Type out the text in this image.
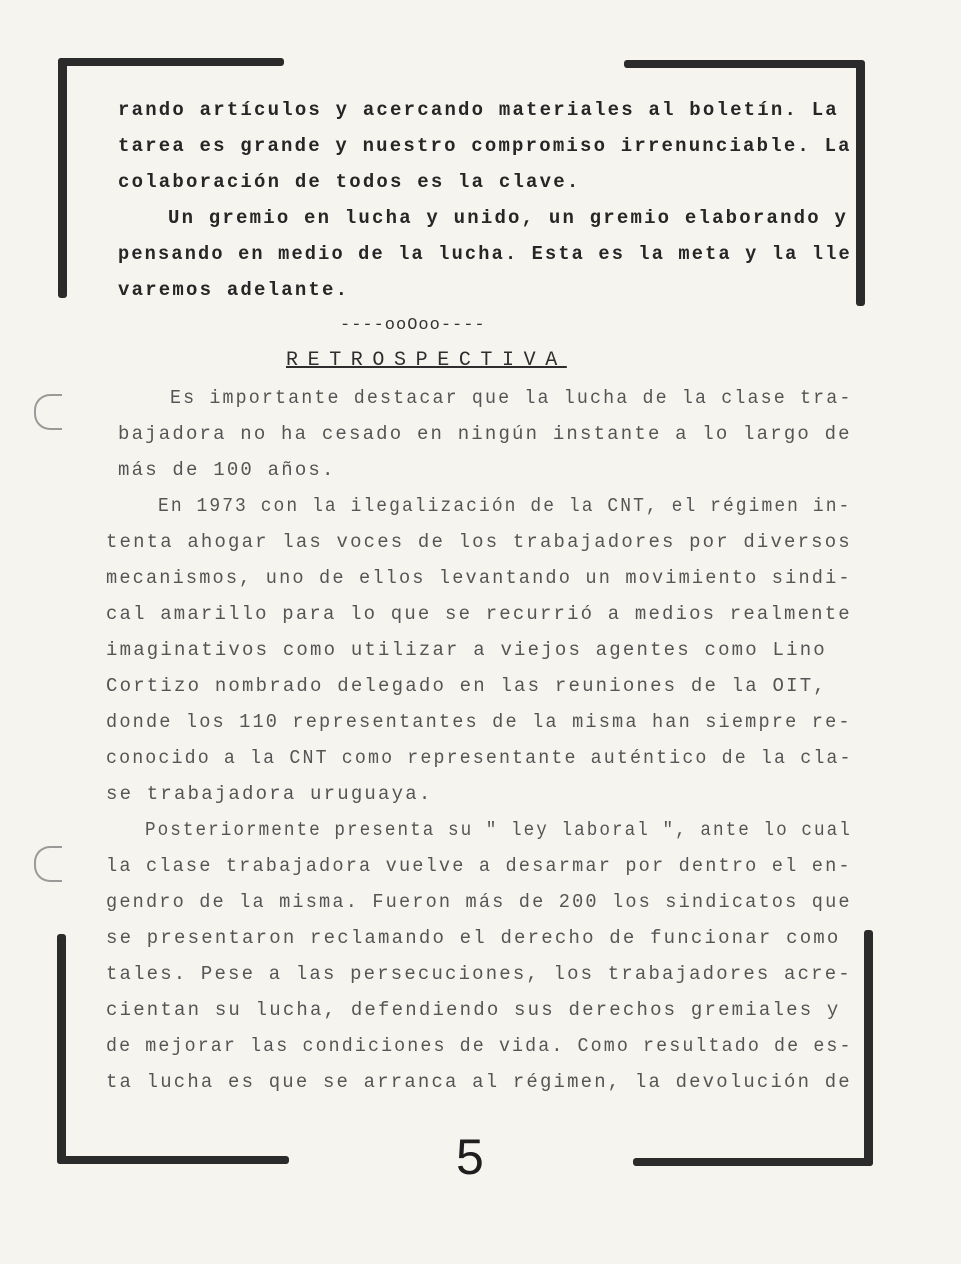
rando artículos y acercando materiales al boletín. La
tarea es grande y nuestro compromiso irrenunciable. La
colaboración de todos es la clave.
Un gremio en lucha y unido, un gremio elaborando y
pensando en medio de la lucha. Esta es la meta y la lle
varemos adelante.
----ooOoo----
RETROSPECTIVA
Es importante destacar que la lucha de la clase tra-
bajadora no ha cesado en ningún instante a lo largo de
más de 100 años.
En 1973 con la ilegalización de la CNT, el régimen in-
tenta ahogar las voces de los trabajadores por diversos
mecanismos, uno de ellos levantando un movimiento sindi-
cal amarillo para lo que se recurrió a medios realmente
imaginativos como utilizar a viejos agentes como Lino
Cortizo nombrado delegado en las reuniones de la OIT,
donde los 110 representantes de la misma han siempre re-
conocido a la CNT como representante auténtico de la cla-
se trabajadora uruguaya.
Posteriormente presenta su " ley laboral ", ante lo cual
la clase trabajadora vuelve a desarmar por dentro el en-
gendro de la misma. Fueron más de 200 los sindicatos que
se presentaron reclamando el derecho de funcionar como
tales. Pese a las persecuciones, los trabajadores acre-
cientan su lucha, defendiendo sus derechos gremiales y
de mejorar las condiciones de vida. Como resultado de es-
ta lucha es que se arranca al régimen, la devolución de
5
